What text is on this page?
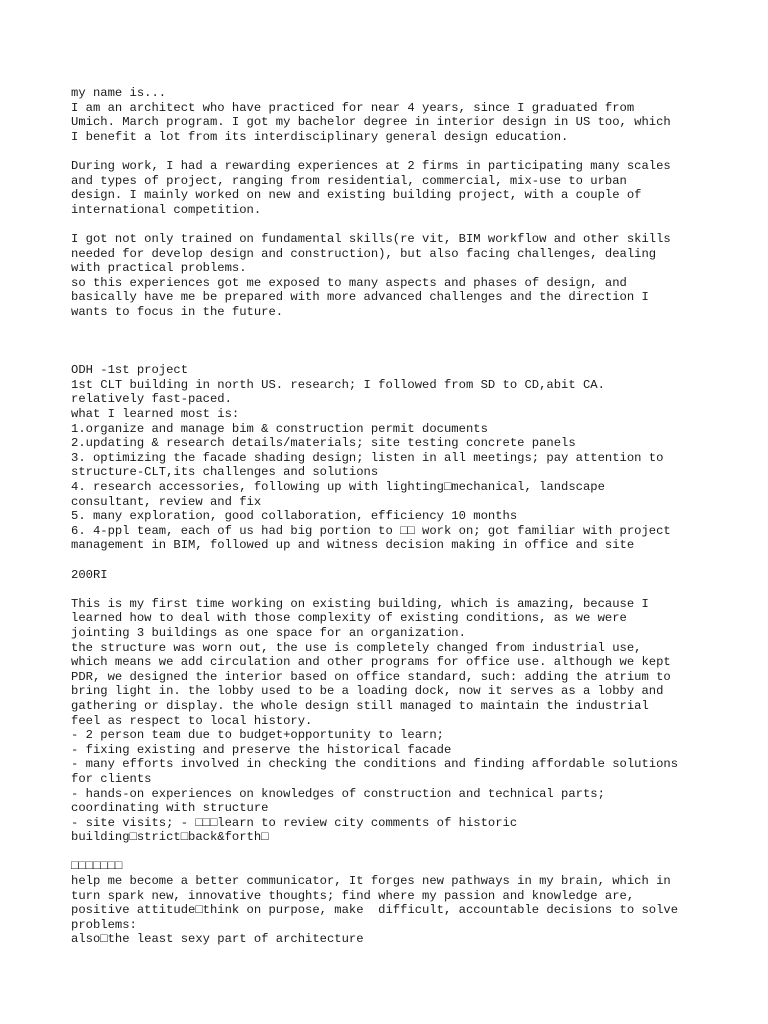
my name is...
I am an architect who have practiced for near 4 years, since I graduated from
Umich. March program. I got my bachelor degree in interior design in US too, which
I benefit a lot from its interdisciplinary general design education.
During work, I had a rewarding experiences at 2 firms in participating many scales
and types of project, ranging from residential, commercial, mix-use to urban
design. I mainly worked on new and existing building project, with a couple of
international competition.
I got not only trained on fundamental skills(re vit, BIM workflow and other skills
needed for develop design and construction), but also facing challenges, dealing
with practical problems.
so this experiences got me exposed to many aspects and phases of design, and
basically have me be prepared with more advanced challenges and the direction I
wants to focus in the future.
ODH -1st project
1st CLT building in north US. research; I followed from SD to CD,abit CA.
relatively fast-paced.
what I learned most is:
1.organize and manage bim & construction permit documents
2.updating & research details/materials; site testing concrete panels
3. optimizing the facade shading design; listen in all meetings; pay attention to
structure-CLT,its challenges and solutions
4. research accessories, following up with lighting□mechanical, landscape
consultant, review and fix
5. many exploration, good collaboration, efficiency 10 months
6. 4-ppl team, each of us had big portion to □□ work on; got familiar with project
management in BIM, followed up and witness decision making in office and site
200RI
This is my first time working on existing building, which is amazing, because I
learned how to deal with those complexity of existing conditions, as we were
jointing 3 buildings as one space for an organization.
the structure was worn out, the use is completely changed from industrial use,
which means we add circulation and other programs for office use. although we kept
PDR, we designed the interior based on office standard, such: adding the atrium to
bring light in. the lobby used to be a loading dock, now it serves as a lobby and
gathering or display. the whole design still managed to maintain the industrial
feel as respect to local history.
- 2 person team due to budget+opportunity to learn;
- fixing existing and preserve the historical facade
- many efforts involved in checking the conditions and finding affordable solutions
for clients
- hands-on experiences on knowledges of construction and technical parts;
coordinating with structure
- site visits; - □□□learn to review city comments of historic
building□strict□back&forth□
□□□□□□□
help me become a better communicator, It forges new pathways in my brain, which in
turn spark new, innovative thoughts; find where my passion and knowledge are,
positive attitude□think on purpose, make  difficult, accountable decisions to solve
problems:
also□the least sexy part of architecture
